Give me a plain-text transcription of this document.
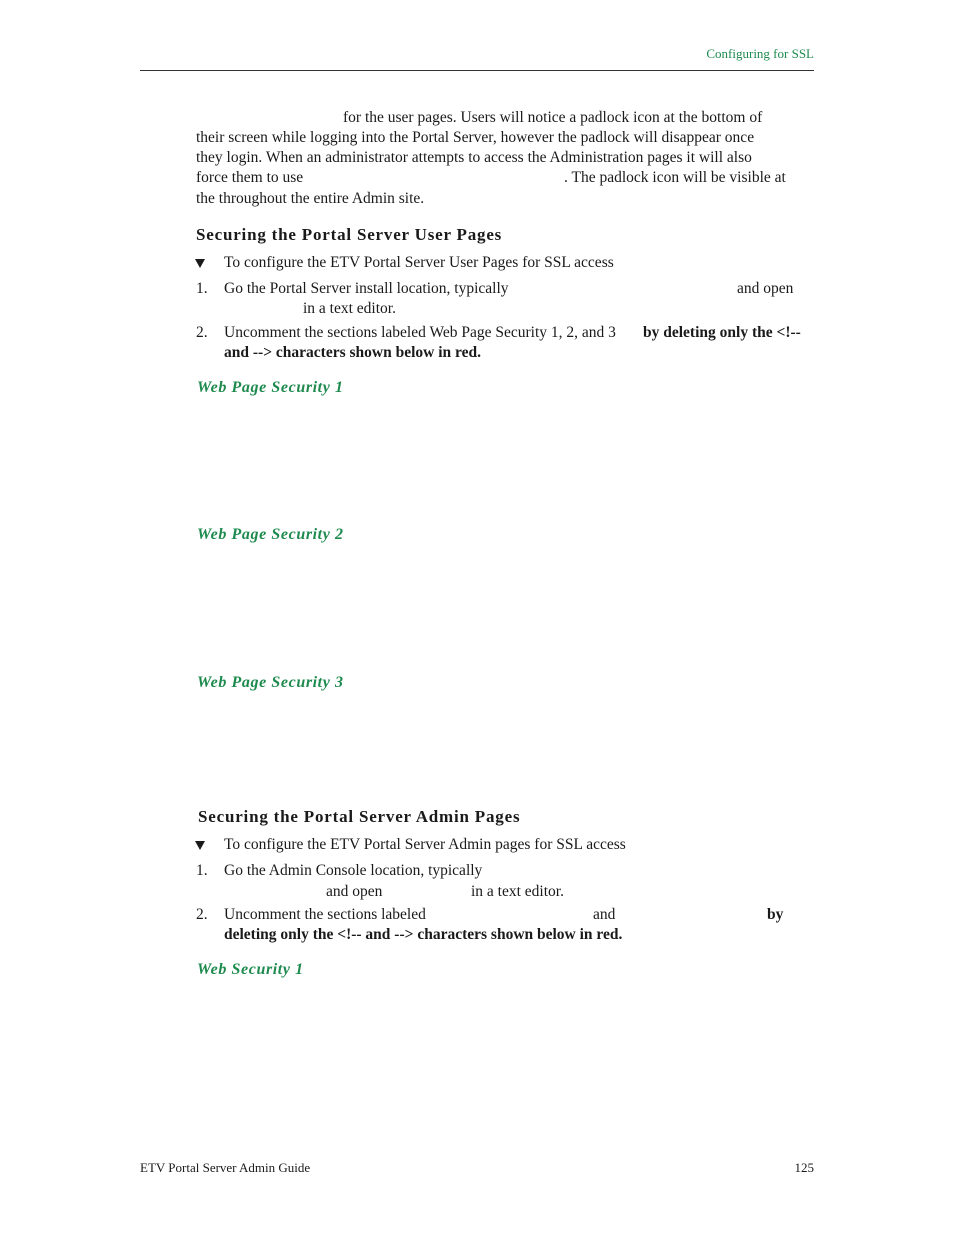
Configuring for SSL
for the user pages. Users will notice a padlock icon at the bottom of
their screen while logging into the Portal Server, however the padlock will disappear once
they login. When an administrator attempts to access the Administration pages it will also
force them to use	. The padlock icon will be visible at
the throughout the entire Admin site.
Securing the Portal Server User Pages
To configure the ETV Portal Server User Pages for SSL access
1. Go the Portal Server install location, typically	and open
in a text editor.
2. Uncomment the sections labeled Web Page Security 1, 2, and 3 by deleting only the <!--
and --> characters shown below in red.
Web Page Security 1
Web Page Security 2
Web Page Security 3
Securing the Portal Server Admin Pages
To configure the ETV Portal Server Admin pages for SSL access
1. Go the Admin Console location, typically
and open	in a text editor.
2. Uncomment the sections labeled	and	by
deleting only the <!-- and --> characters shown below in red.
Web Security 1
ETV Portal Server Admin Guide	125
